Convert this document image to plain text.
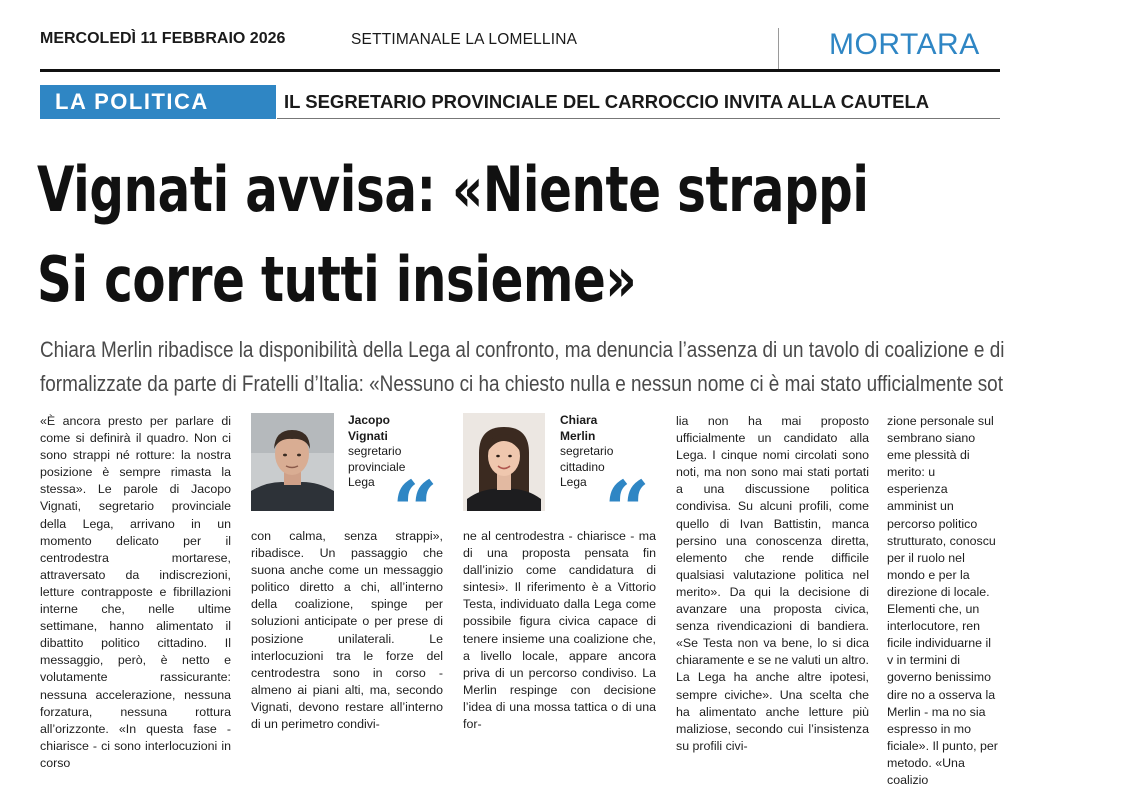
MERCOLEDÌ 11 FEBBRAIO 2026	SETTIMANALE LA LOMELLINA	MORTARA
LA POLITICA	IL SEGRETARIO PROVINCIALE DEL CARROCCIO INVITA ALLA CAUTELA
Vignati avvisa: «Niente strappi
Si corre tutti insieme»
Chiara Merlin ribadisce la disponibilità della Lega al confronto, ma denuncia l’assenza di un tavolo di coalizione e di
formalizzate da parte di Fratelli d’Italia: «Nessuno ci ha chiesto nulla e nessun nome ci è mai stato ufficialmente sot

«È ancora presto per parlare di come si definirà il quadro. Non ci sono strappi né rotture: la nostra posizione è sempre rimasta la stessa». Le parole di Jacopo Vignati, segretario provinciale della Lega, arrivano in un momento delicato per il centrodestra mortarese, attraversato da indiscrezioni, letture contrapposte e fibrillazioni interne che, nelle ultime settimane, hanno alimentato il dibattito politico cittadino. Il messaggio, però, è netto e volutamente rassicurante: nessuna accelerazione, nessuna forzatura, nessuna rottura all’orizzonte. «In questa fase - chiarisce - ci sono interlocuzioni in corso

Jacopo
Vignati
segretario
provinciale
Lega “

con calma, senza strappi», ribadisce. Un passaggio che suona anche come un messaggio politico diretto a chi, all’interno della coalizione, spinge per soluzioni anticipate o per prese di posizione unilaterali. Le interlocuzioni tra le forze del centrodestra sono in corso - almeno ai piani alti, ma, secondo Vignati, devono restare all’interno di un perimetro condivi-

Chiara
Merlin
segretario
cittadino
Lega “

ne al centrodestra - chiarisce - ma di una proposta pensata fin dall’inizio come candidatura di sintesi». Il riferimento è a Vittorio Testa, individuato dalla Lega come possibile figura civica capace di tenere insieme una coalizione che, a livello locale, appare ancora priva di un percorso condiviso. La Merlin respinge con decisione l’idea di una mossa tattica o di una for-

lia non ha mai proposto ufficialmente un candidato alla Lega. I cinque nomi circolati sono noti, ma non sono mai stati portati a una discussione politica condivisa. Su alcuni profili, come quello di Ivan Battistin, manca persino una conoscenza diretta, elemento che rende difficile qualsiasi valutazione politica nel merito». Da qui la decisione di avanzare una proposta civica, senza rivendicazioni di bandiera. «Se Testa non va bene, lo si dica chiaramente e se ne valuti un altro. La Lega ha anche altre ipotesi, sempre civiche». Una scelta che ha alimentato anche letture più maliziose, secondo cui l’insistenza su profili civi-

zione personale sul sembrano siano eme plessità di merito: u esperienza amminist un percorso politico strutturato, conoscu per il ruolo nel mondo e per la direzione di locale. Elementi che, un interlocutore, ren ficile individuarne il v in termini di governo benissimo dire no a osserva la Merlin - ma no sia espresso in mo ficiale». Il punto, per metodo. «Una coalizio
